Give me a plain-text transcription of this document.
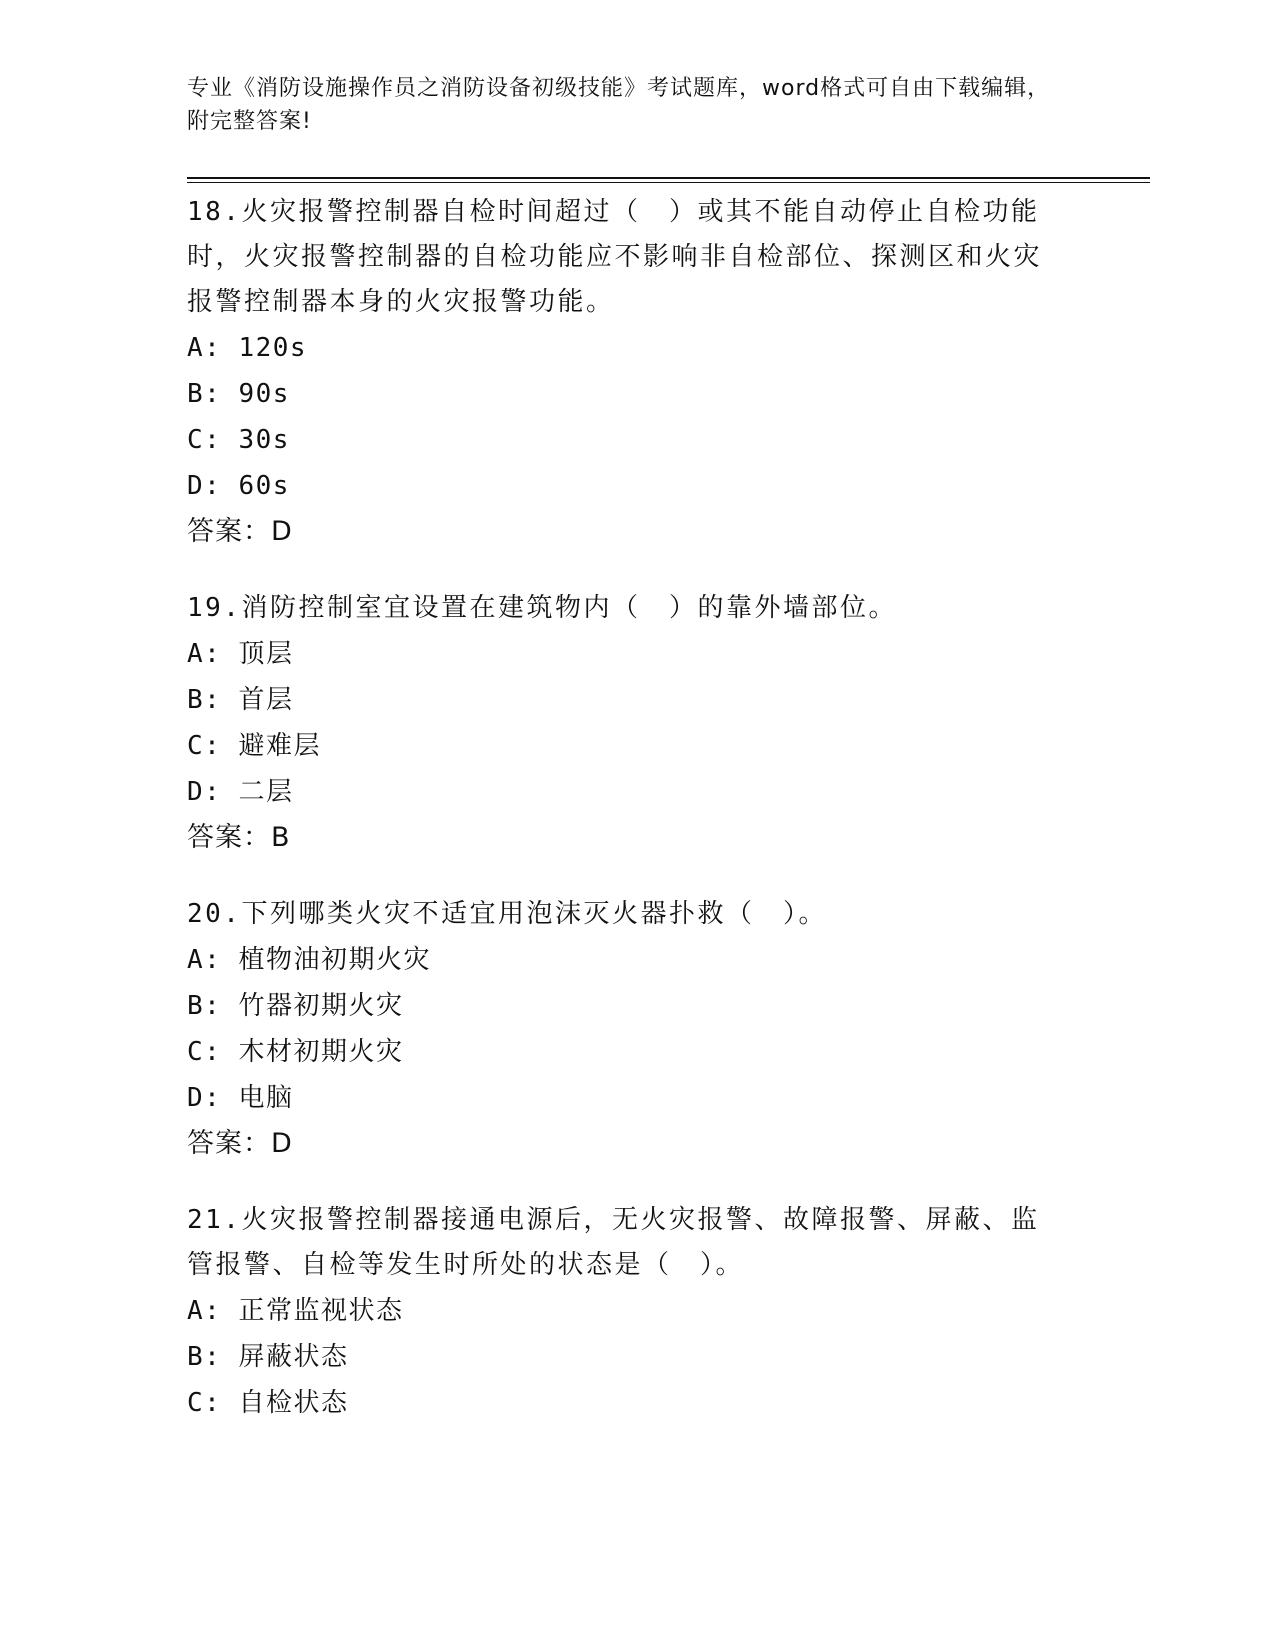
专业《消防设施操作员之消防设备初级技能》考试题库，word格式可自由下载编辑，附完整答案!
18.火灾报警控制器自检时间超过（　）或其不能自动停止自检功能时，火灾报警控制器的自检功能应不影响非自检部位、探测区和火灾报警控制器本身的火灾报警功能。
A: 120s
B: 90s
C: 30s
D: 60s
答案：D
19.消防控制室宜设置在建筑物内（　）的靠外墙部位。
A: 顶层
B: 首层
C: 避难层
D: 二层
答案：B
20.下列哪类火灾不适宜用泡沫灭火器扑救（　）。
A: 植物油初期火灾
B: 竹器初期火灾
C: 木材初期火灾
D: 电脑
答案：D
21.火灾报警控制器接通电源后，无火灾报警、故障报警、屏蔽、监管报警、自检等发生时所处的状态是（　）。
A: 正常监视状态
B: 屏蔽状态
C: 自检状态
